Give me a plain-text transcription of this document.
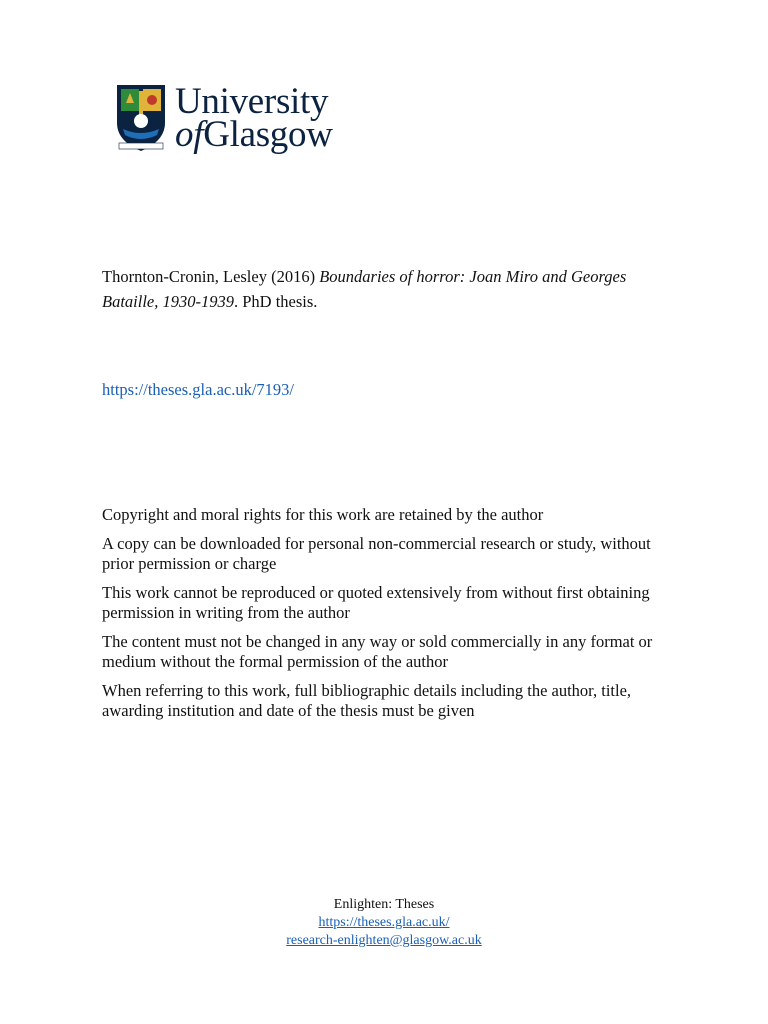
University
ofGlasgow
Thornton-Cronin, Lesley (2016) Boundaries of horror: Joan Miro and Georges Bataille, 1930-1939. PhD thesis.
https://theses.gla.ac.uk/7193/

Copyright and moral rights for this work are retained by the author

A copy can be downloaded for personal non-commercial research or study, without prior permission or charge

This work cannot be reproduced or quoted extensively from without first obtaining permission in writing from the author

The content must not be changed in any way or sold commercially in any format or medium without the formal permission of the author

When referring to this work, full bibliographic details including the author, title, awarding institution and date of the thesis must be given

Enlighten: Theses
https://theses.gla.ac.uk/
research-enlighten@glasgow.ac.uk
